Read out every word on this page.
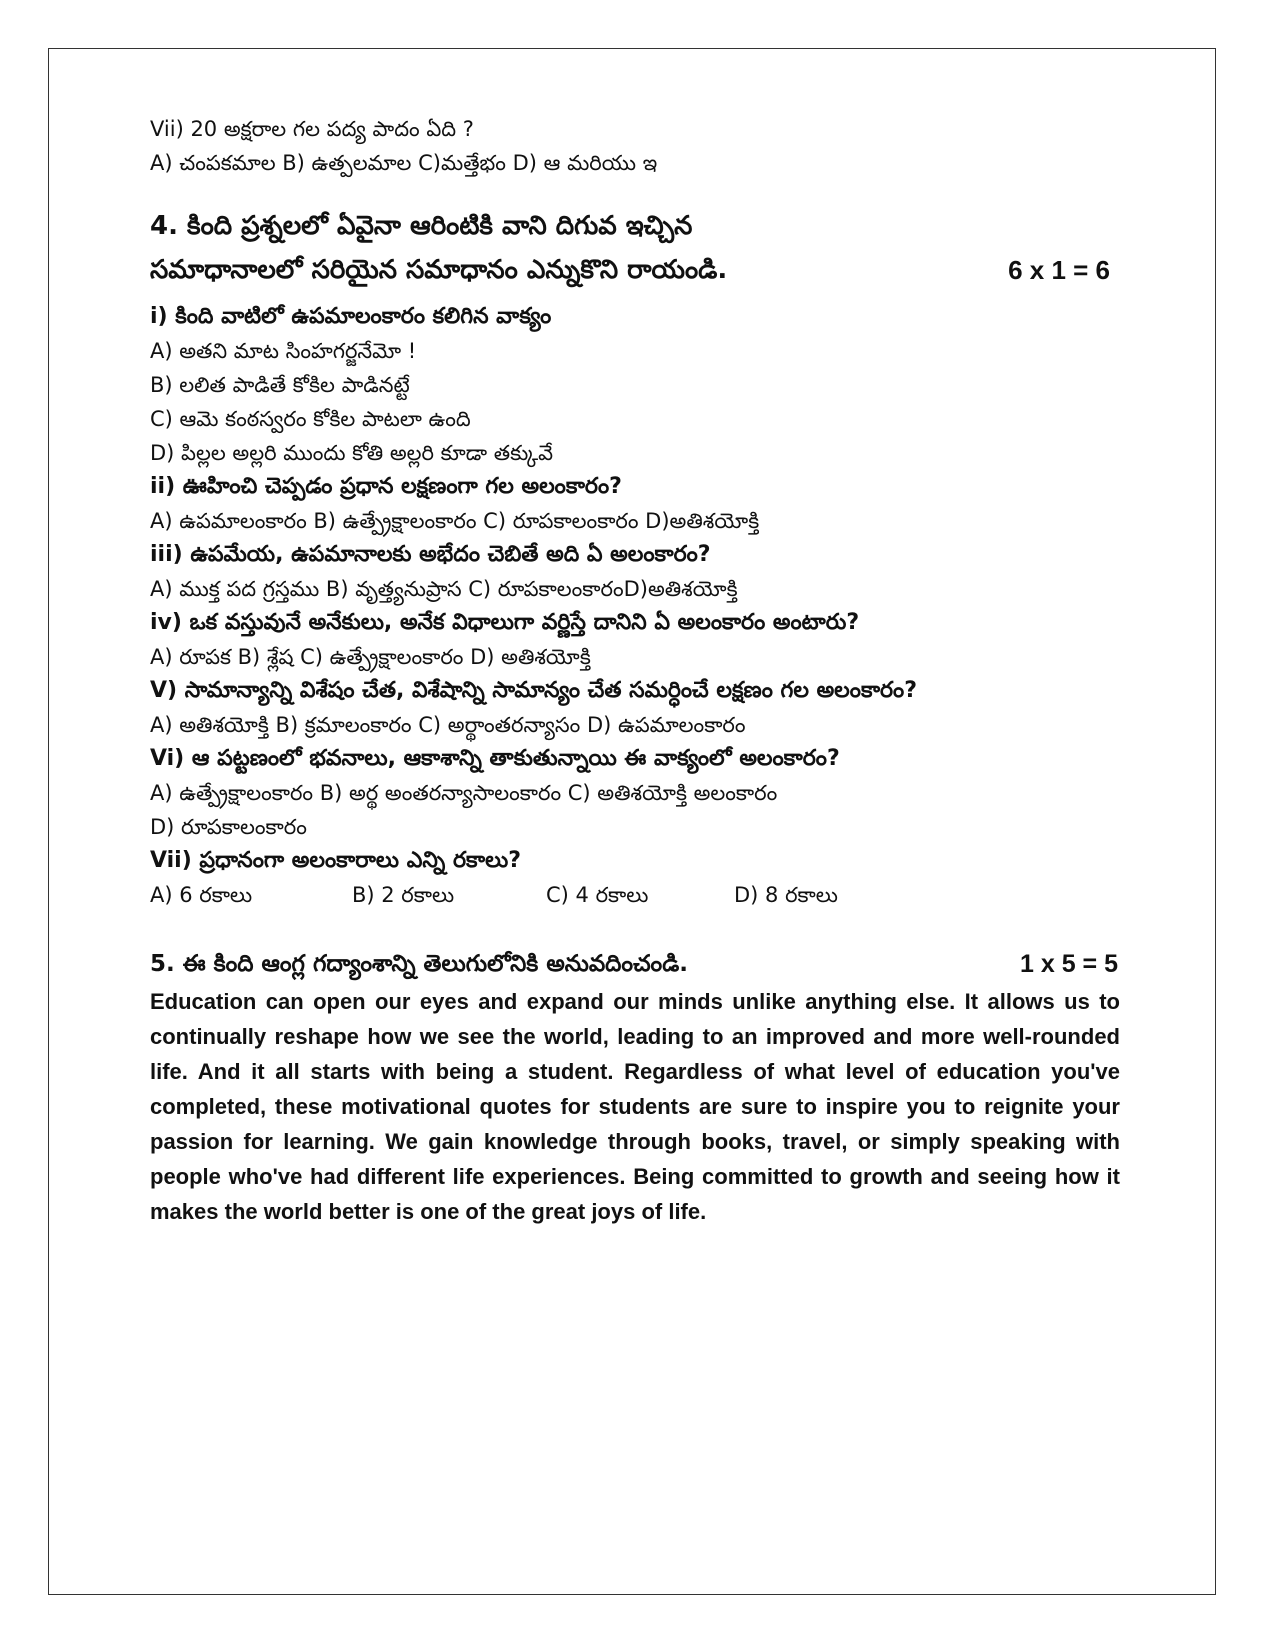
Vii) 20 అక్షరాల గల పద్య పాదం ఏది ?
A) చంపకమాల B) ఉత్పలమాల C)మత్తేభం D) ఆ మరియు ఇ
4. కింది ప్రశ్నలలో ఏవైనా ఆరింటికి వాని దిగువ ఇచ్చిన
సమాధానాలలో సరియైన సమాధానం ఎన్నుకొని రాయండి.	6 x 1 = 6
i) కింది వాటిలో ఉపమాలంకారం కలిగిన వాక్యం
A) అతని మాట సింహగర్జనేమో !
B) లలిత పాడితే కోకిల పాడినట్టే
C) ఆమె కంఠస్వరం కోకిల పాటలా ఉంది
D) పిల్లల అల్లరి ముందు కోతి అల్లరి కూడా తక్కువే
ii) ఊహించి చెప్పడం ప్రధాన లక్షణంగా గల అలంకారం?
A) ఉపమాలంకారం B) ఉత్ప్రేక్షాలంకారం C) రూపకాలంకారం D)అతిశయోక్తి
iii) ఉపమేయ, ఉపమానాలకు అభేదం చెబితే అది ఏ అలంకారం?
A) ముక్త పద గ్రస్తము B) వృత్త్యనుప్రాస C) రూపకాలంకారంD)అతిశయోక్తి
iv) ఒక వస్తువునే అనేకులు, అనేక విధాలుగా వర్ణిస్తే దానిని ఏ అలంకారం అంటారు?
A) రూపక B) శ్లేష C) ఉత్ప్రేక్షాలంకారం D) అతిశయోక్తి
V) సామాన్యాన్ని విశేషం చేత, విశేషాన్ని సామాన్యం చేత సమర్ధించే లక్షణం గల అలంకారం?
A) అతిశయోక్తి B) క్రమాలంకారం C) అర్థాంతరన్యాసం D) ఉపమాలంకారం
Vi) ఆ పట్టణంలో భవనాలు, ఆకాశాన్ని తాకుతున్నాయి ఈ వాక్యంలో అలంకారం?
A) ఉత్ప్రేక్షాలంకారం B) అర్థ అంతరన్యాసాలంకారం C) అతిశయోక్తి అలంకారం
D) రూపకాలంకారం
Vii) ప్రధానంగా అలంకారాలు ఎన్ని రకాలు?
A) 6 రకాలు	B) 2 రకాలు	C) 4 రకాలు	D) 8 రకాలు
5. ఈ కింది ఆంగ్ల గద్యాంశాన్ని తెలుగులోనికి అనువదించండి.	1 x 5 = 5
Education can open our eyes and expand our minds unlike anything else. It allows us to continually reshape how we see the world, leading to an improved and more well-rounded life. And it all starts with being a student. Regardless of what level of education you've completed, these motivational quotes for students are sure to inspire you to reignite your passion for learning. We gain knowledge through books, travel, or simply speaking with people who've had different life experiences. Being committed to growth and seeing how it makes the world better is one of the great joys of life.
